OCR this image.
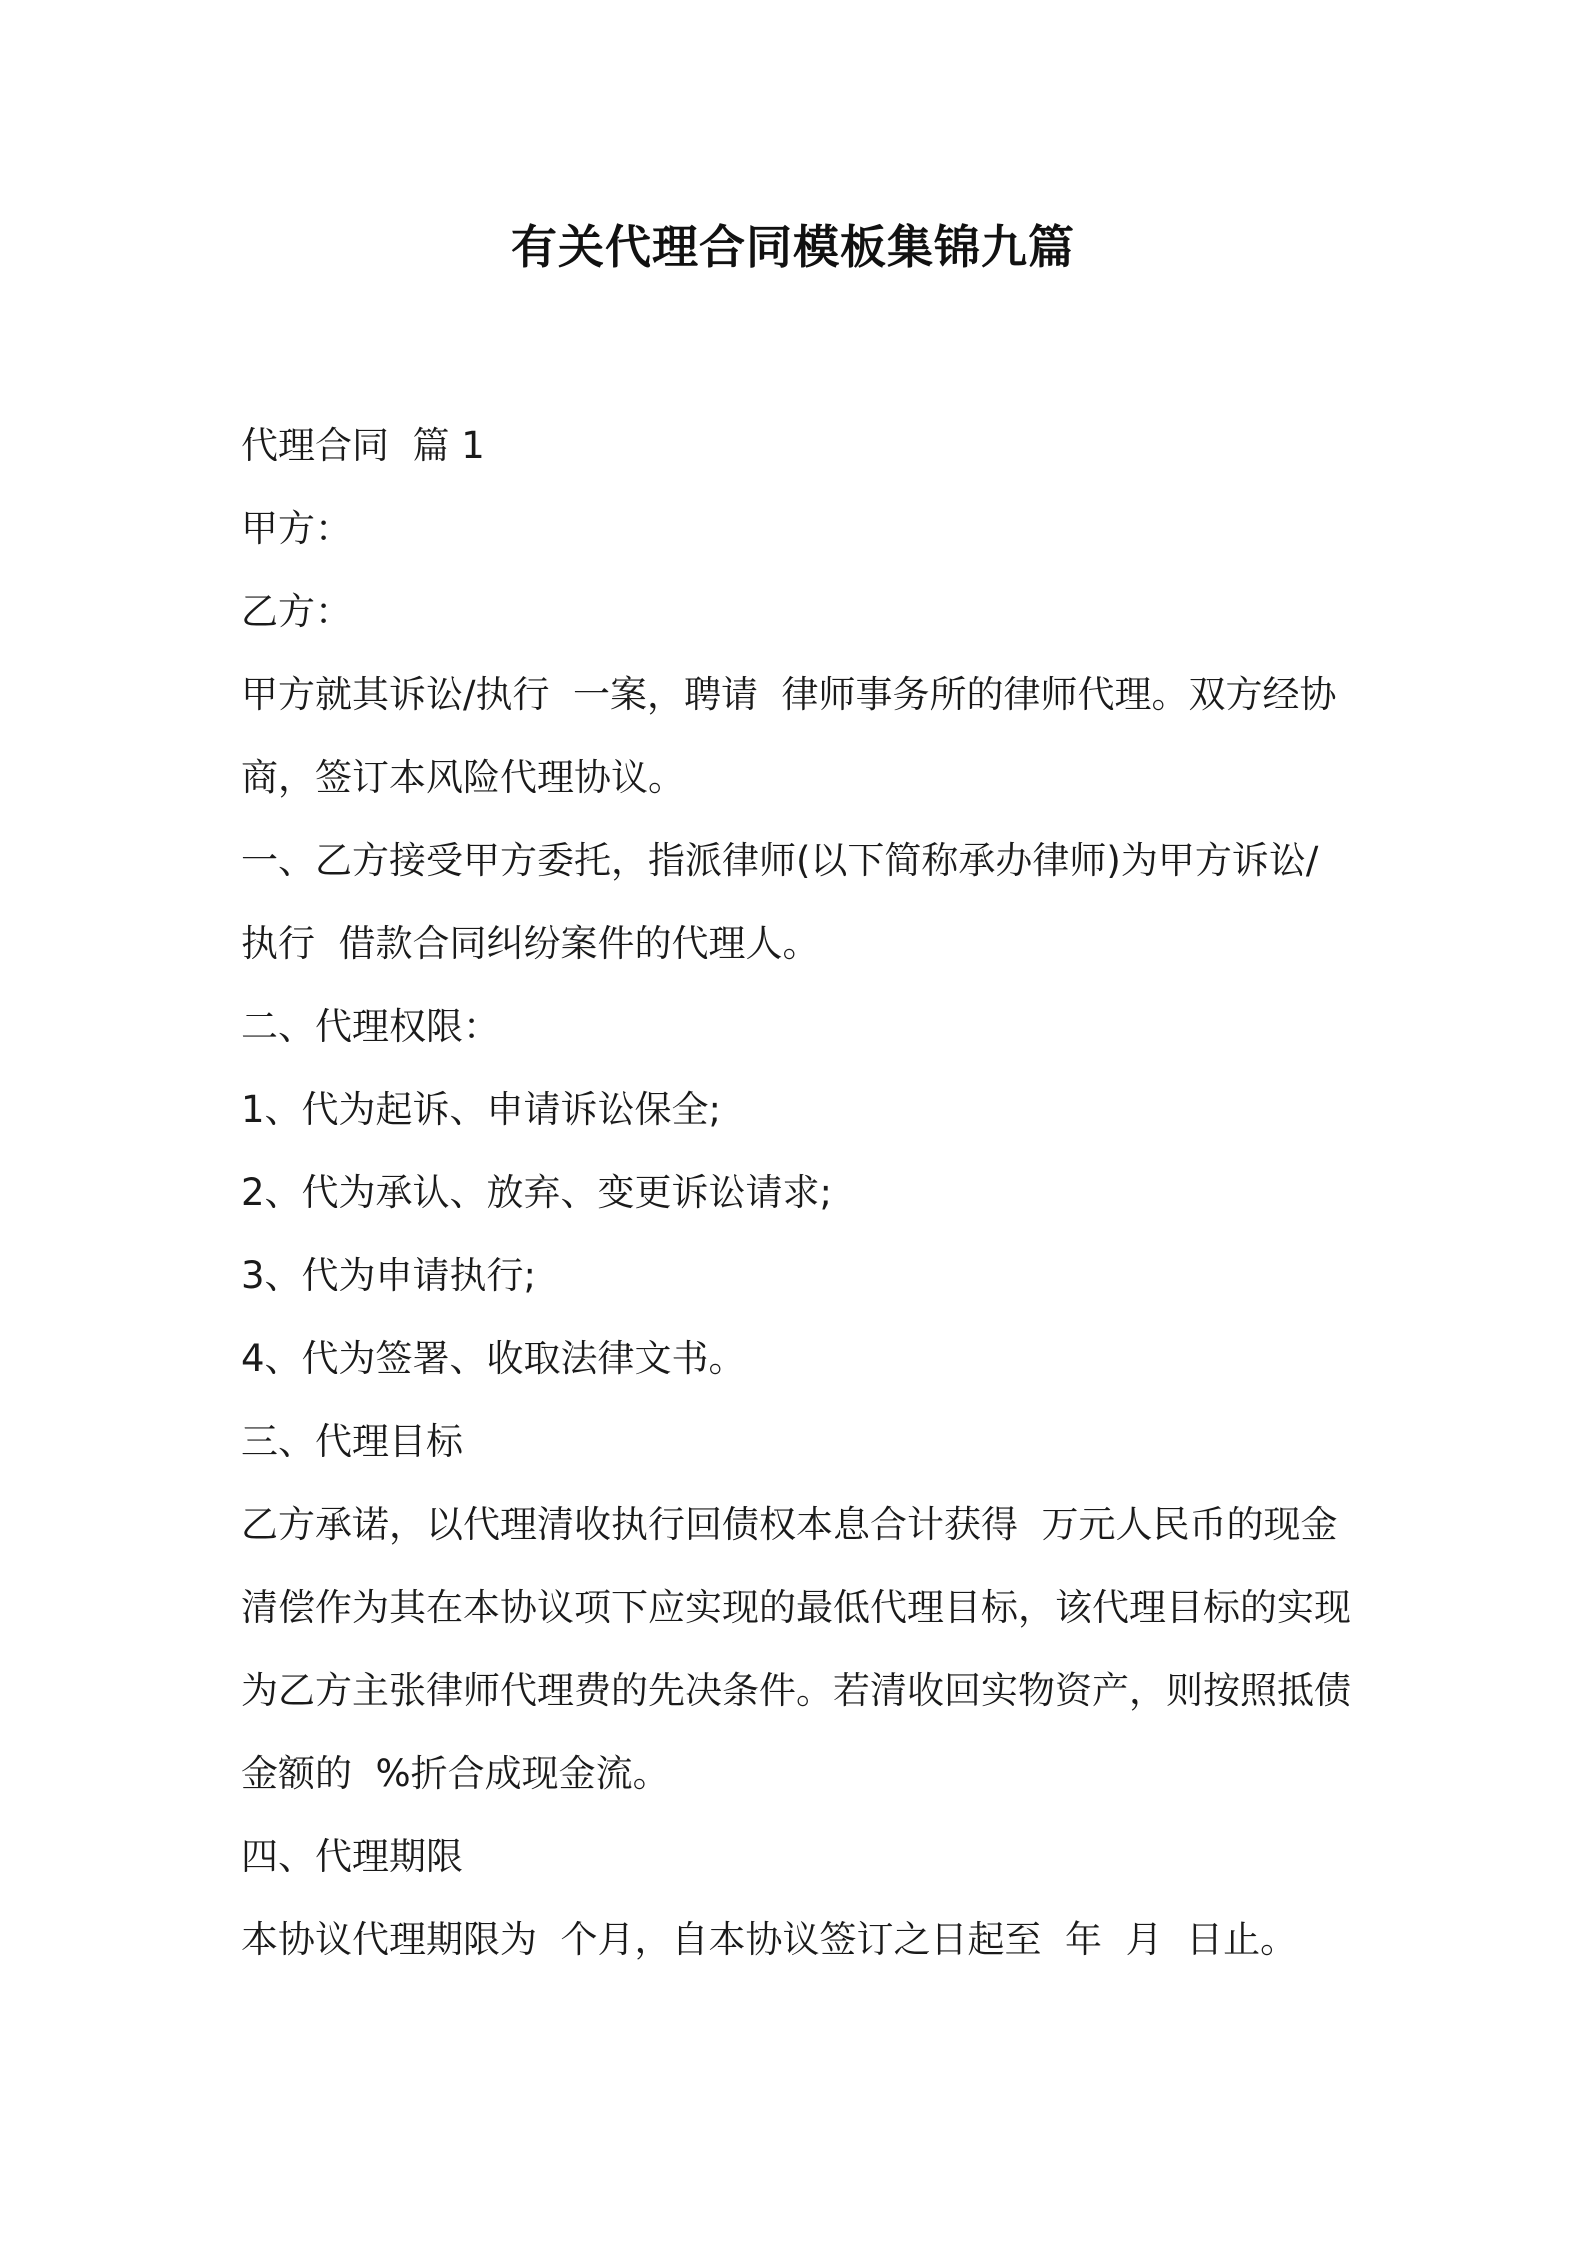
有关代理合同模板集锦九篇

代理合同  篇 1

甲方：

乙方：

甲方就其诉讼/执行  一案，聘请  律师事务所的律师代理。双方经协

商，签订本风险代理协议。

一、乙方接受甲方委托，指派律师(以下简称承办律师)为甲方诉讼/

执行  借款合同纠纷案件的代理人。

二、代理权限：

1、代为起诉、申请诉讼保全;

2、代为承认、放弃、变更诉讼请求;

3、代为申请执行;

4、代为签署、收取法律文书。

三、代理目标

乙方承诺，以代理清收执行回债权本息合计获得  万元人民币的现金

清偿作为其在本协议项下应实现的最低代理目标，该代理目标的实现

为乙方主张律师代理费的先决条件。若清收回实物资产，则按照抵债

金额的  %折合成现金流。

四、代理期限

本协议代理期限为  个月，自本协议签订之日起至  年  月  日止。
